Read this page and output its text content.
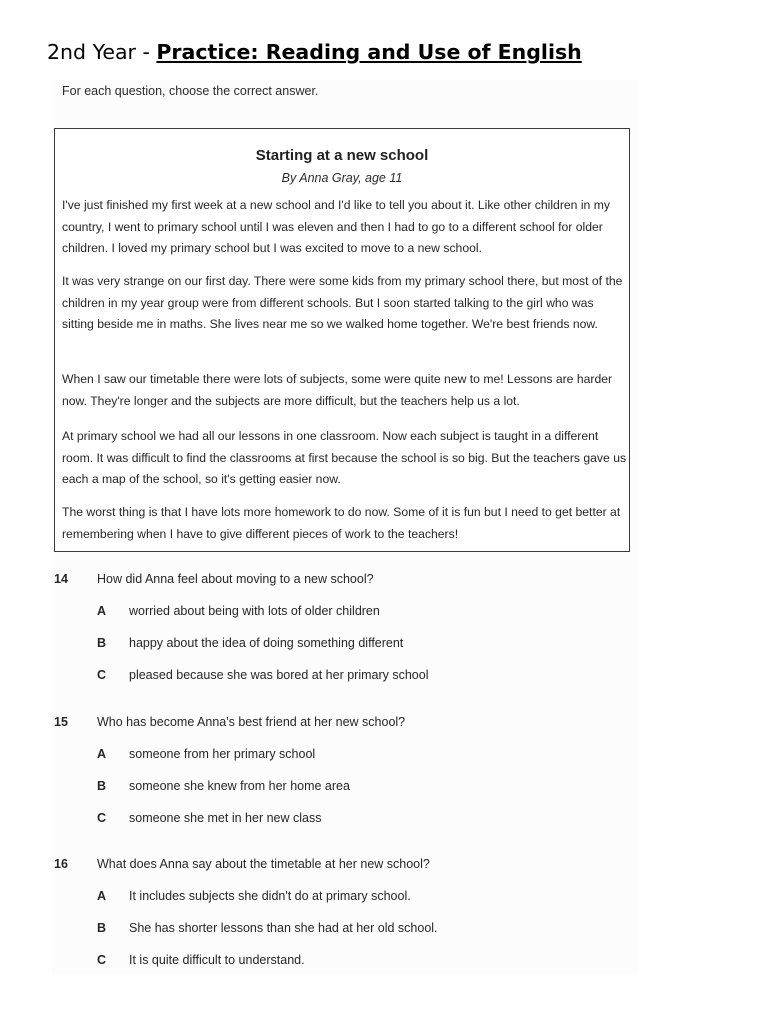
2nd Year - Practice: Reading and Use of English
For each question, choose the correct answer.
Starting at a new school
By Anna Gray, age 11
I've just finished my first week at a new school and I'd like to tell you about it. Like other children in my country, I went to primary school until I was eleven and then I had to go to a different school for older children. I loved my primary school but I was excited to move to a new school.
It was very strange on our first day. There were some kids from my primary school there, but most of the children in my year group were from different schools. But I soon started talking to the girl who was sitting beside me in maths. She lives near me so we walked home together. We're best friends now.
When I saw our timetable there were lots of subjects, some were quite new to me! Lessons are harder now. They're longer and the subjects are more difficult, but the teachers help us a lot.
At primary school we had all our lessons in one classroom. Now each subject is taught in a different room. It was difficult to find the classrooms at first because the school is so big. But the teachers gave us each a map of the school, so it's getting easier now.
The worst thing is that I have lots more homework to do now. Some of it is fun but I need to get better at remembering when I have to give different pieces of work to the teachers!
14 How did Anna feel about moving to a new school?
A worried about being with lots of older children
B happy about the idea of doing something different
C pleased because she was bored at her primary school
15 Who has become Anna's best friend at her new school?
A someone from her primary school
B someone she knew from her home area
C someone she met in her new class
16 What does Anna say about the timetable at her new school?
A It includes subjects she didn't do at primary school.
B She has shorter lessons than she had at her old school.
C It is quite difficult to understand.
